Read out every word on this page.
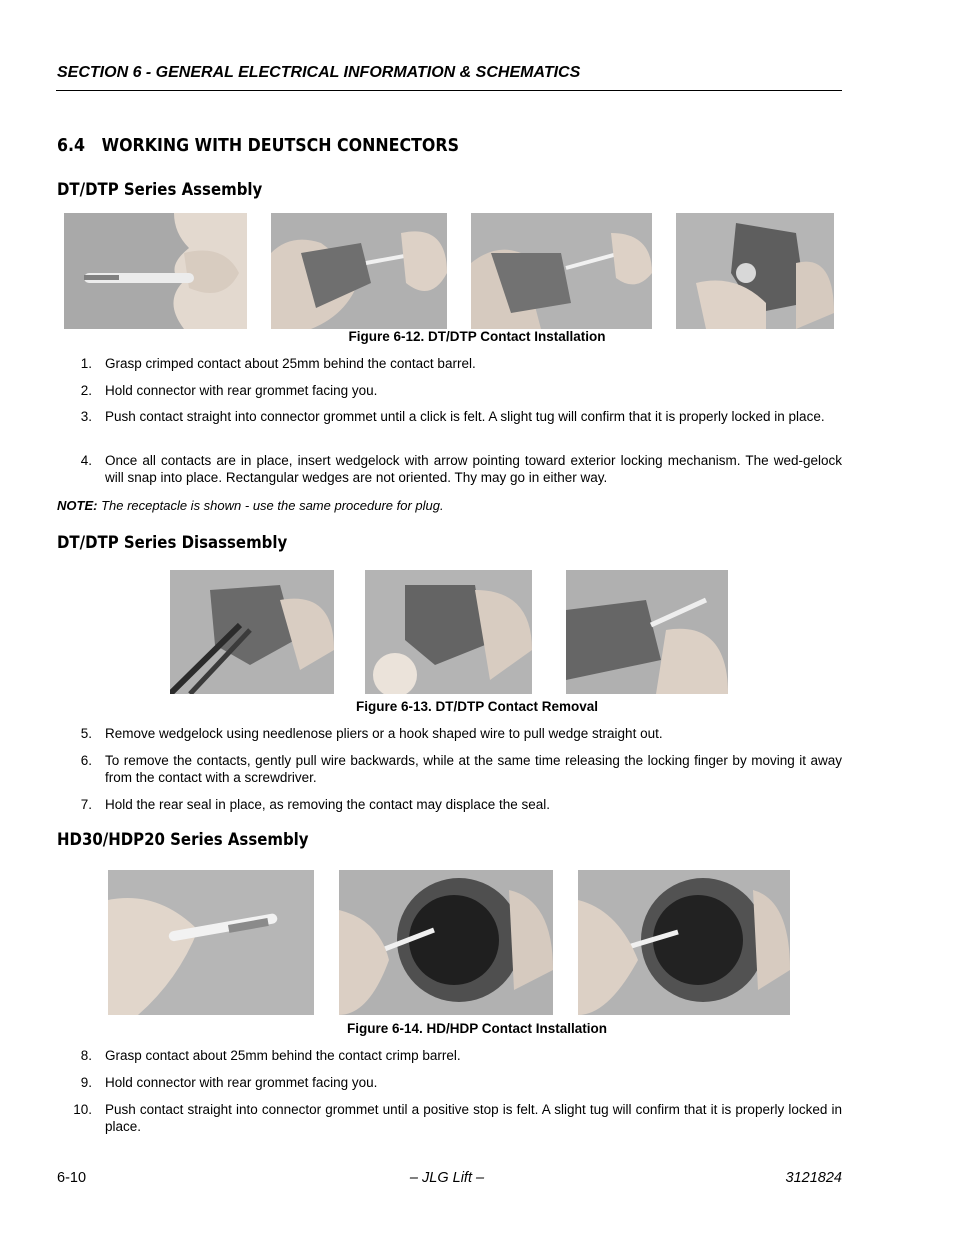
SECTION 6 - GENERAL ELECTRICAL INFORMATION & SCHEMATICS
6.4   WORKING WITH DEUTSCH CONNECTORS
DT/DTP Series Assembly
Figure 6-12. DT/DTP Contact Installation
1. Grasp crimped contact about 25mm behind the contact barrel.
2. Hold connector with rear grommet facing you.
3. Push contact straight into connector grommet until a click is felt. A slight tug will confirm that it is properly locked in place.
4. Once all contacts are in place, insert wedgelock with arrow pointing toward exterior locking mechanism. The wed-gelock will snap into place. Rectangular wedges are not oriented. Thy may go in either way.
NOTE: The receptacle is shown - use the same procedure for plug.
DT/DTP Series Disassembly
Figure 6-13. DT/DTP Contact Removal
5. Remove wedgelock using needlenose pliers or a hook shaped wire to pull wedge straight out.
6. To remove the contacts, gently pull wire backwards, while at the same time releasing the locking finger by moving it away from the contact with a screwdriver.
7. Hold the rear seal in place, as removing the contact may displace the seal.
HD30/HDP20 Series Assembly
Figure 6-14. HD/HDP Contact Installation
8. Grasp contact about 25mm behind the contact crimp barrel.
9. Hold connector with rear grommet facing you.
10. Push contact straight into connector grommet until a positive stop is felt. A slight tug will confirm that it is properly locked in place.
6-10	– JLG Lift –	3121824
